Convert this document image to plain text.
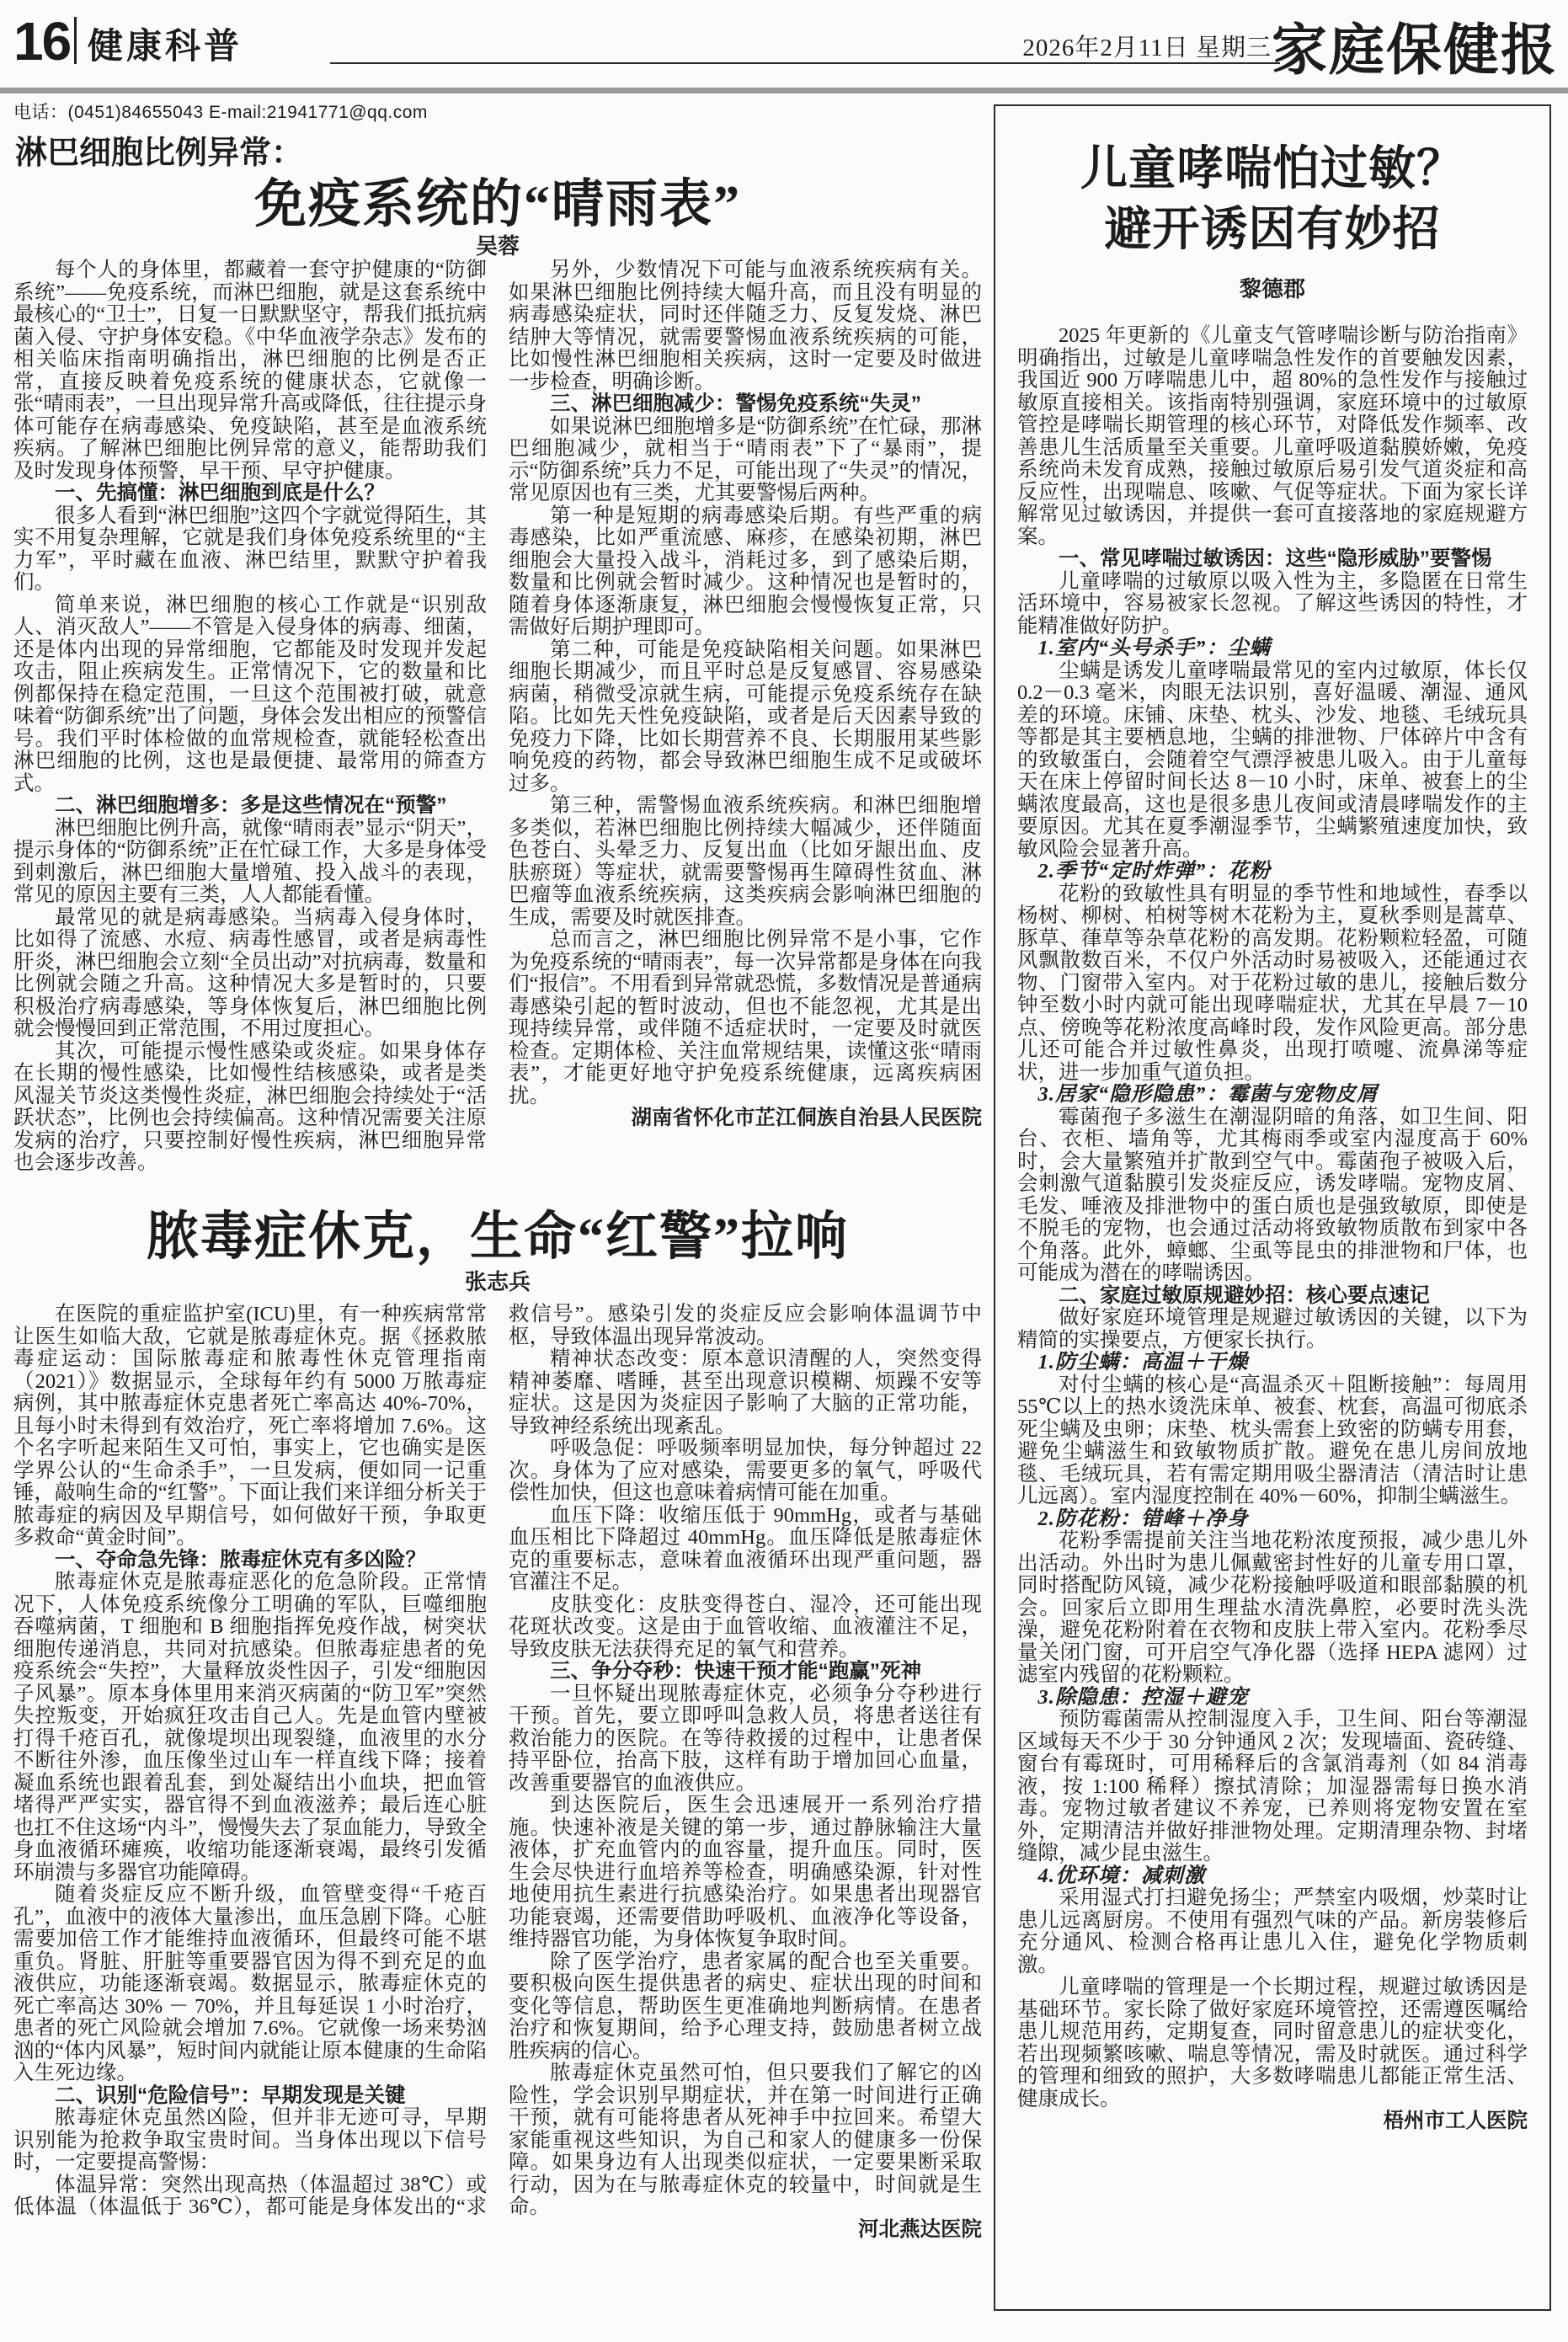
16 健康科普	2026年2月11日 星期三 家庭保健报
电话：(0451)84655043 E-mail:21941771@qq.com
淋巴细胞比例异常：
免疫系统的“晴雨表”
吴蓉

每个人的身体里，都藏着一套守护健康的“防御系统”——免疫系统，而淋巴细胞，就是这套系统中最核心的“卫士”，日复一日默默坚守，帮我们抵抗病菌入侵、守护身体安稳。《中华血液学杂志》发布的相关临床指南明确指出，淋巴细胞的比例是否正常，直接反映着免疫系统的健康状态，它就像一张“晴雨表”，一旦出现异常升高或降低，往往提示身体可能存在病毒感染、免疫缺陷，甚至是血液系统疾病。了解淋巴细胞比例异常的意义，能帮助我们及时发现身体预警，早干预、早守护健康。

一、先搞懂：淋巴细胞到底是什么？

很多人看到“淋巴细胞”这四个字就觉得陌生，其实不用复杂理解，它就是我们身体免疫系统里的“主力军”，平时藏在血液、淋巴结里，默默守护着我们。

简单来说，淋巴细胞的核心工作就是“识别敌人、消灭敌人”——不管是入侵身体的病毒、细菌，还是体内出现的异常细胞，它都能及时发现并发起攻击，阻止疾病发生。正常情况下，它的数量和比例都保持在稳定范围，一旦这个范围被打破，就意味着“防御系统”出了问题，身体会发出相应的预警信号。我们平时体检做的血常规检查，就能轻松查出淋巴细胞的比例，这也是最便捷、最常用的筛查方式。

二、淋巴细胞增多：多是这些情况在“预警”

淋巴细胞比例升高，就像“晴雨表”显示“阴天”，提示身体的“防御系统”正在忙碌工作，大多是身体受到刺激后，淋巴细胞大量增殖、投入战斗的表现，常见的原因主要有三类，人人都能看懂。

最常见的就是病毒感染。当病毒入侵身体时，比如得了流感、水痘、病毒性感冒，或者是病毒性肝炎，淋巴细胞会立刻“全员出动”对抗病毒，数量和比例就会随之升高。这种情况大多是暂时的，只要积极治疗病毒感染，等身体恢复后，淋巴细胞比例就会慢慢回到正常范围，不用过度担心。

其次，可能提示慢性感染或炎症。如果身体存在长期的慢性感染，比如慢性结核感染，或者是类风湿关节炎这类慢性炎症，淋巴细胞会持续处于“活跃状态”，比例也会持续偏高。这种情况需要关注原发病的治疗，只要控制好慢性疾病，淋巴细胞异常也会逐步改善。

另外，少数情况下可能与血液系统疾病有关。如果淋巴细胞比例持续大幅升高，而且没有明显的病毒感染症状，同时还伴随乏力、反复发烧、淋巴结肿大等情况，就需要警惕血液系统疾病的可能，比如慢性淋巴细胞相关疾病，这时一定要及时做进一步检查，明确诊断。

三、淋巴细胞减少：警惕免疫系统“失灵”

如果说淋巴细胞增多是“防御系统”在忙碌，那淋巴细胞减少，就相当于“晴雨表”下了“暴雨”，提示“防御系统”兵力不足，可能出现了“失灵”的情况，常见原因也有三类，尤其要警惕后两种。

第一种是短期的病毒感染后期。有些严重的病毒感染，比如严重流感、麻疹，在感染初期，淋巴细胞会大量投入战斗，消耗过多，到了感染后期，数量和比例就会暂时减少。这种情况也是暂时的，随着身体逐渐康复，淋巴细胞会慢慢恢复正常，只需做好后期护理即可。

第二种，可能是免疫缺陷相关问题。如果淋巴细胞长期减少，而且平时总是反复感冒、容易感染病菌，稍微受凉就生病，可能提示免疫系统存在缺陷。比如先天性免疫缺陷，或者是后天因素导致的免疫力下降，比如长期营养不良、长期服用某些影响免疫的药物，都会导致淋巴细胞生成不足或破坏过多。

第三种，需警惕血液系统疾病。和淋巴细胞增多类似，若淋巴细胞比例持续大幅减少，还伴随面色苍白、头晕乏力、反复出血（比如牙龈出血、皮肤瘀斑）等症状，就需要警惕再生障碍性贫血、淋巴瘤等血液系统疾病，这类疾病会影响淋巴细胞的生成，需要及时就医排查。

总而言之，淋巴细胞比例异常不是小事，它作为免疫系统的“晴雨表”，每一次异常都是身体在向我们“报信”。不用看到异常就恐慌，多数情况是普通病毒感染引起的暂时波动，但也不能忽视，尤其是出现持续异常，或伴随不适症状时，一定要及时就医检查。定期体检、关注血常规结果，读懂这张“晴雨表”，才能更好地守护免疫系统健康，远离疾病困扰。

湖南省怀化市芷江侗族自治县人民医院

脓毒症休克，生命“红警”拉响
张志兵

在医院的重症监护室(ICU)里，有一种疾病常常让医生如临大敌，它就是脓毒症休克。据《拯救脓毒症运动：国际脓毒症和脓毒性休克管理指南（2021）》数据显示，全球每年约有 5000 万脓毒症病例，其中脓毒症休克患者死亡率高达 40%-70%，且每小时未得到有效治疗，死亡率将增加 7.6%。这个名字听起来陌生又可怕，事实上，它也确实是医学界公认的“生命杀手”，一旦发病，便如同一记重锤，敲响生命的“红警”。下面让我们来详细分析关于脓毒症的病因及早期信号，如何做好干预，争取更多救命“黄金时间”。

一、夺命急先锋：脓毒症休克有多凶险？

脓毒症休克是脓毒症恶化的危急阶段。正常情况下，人体免疫系统像分工明确的军队，巨噬细胞吞噬病菌，T 细胞和 B 细胞指挥免疫作战，树突状细胞传递消息，共同对抗感染。但脓毒症患者的免疫系统会“失控”，大量释放炎性因子，引发“细胞因子风暴”。原本身体里用来消灭病菌的“防卫军”突然失控叛变，开始疯狂攻击自己人。先是血管内壁被打得千疮百孔，就像堤坝出现裂缝，血液里的水分不断往外渗，血压像坐过山车一样直线下降；接着凝血系统也跟着乱套，到处凝结出小血块，把血管堵得严严实实，器官得不到血液滋养；最后连心脏也扛不住这场“内斗”，慢慢失去了泵血能力，导致全身血液循环瘫痪，收缩功能逐渐衰竭，最终引发循环崩溃与多器官功能障碍。

随着炎症反应不断升级，血管壁变得“千疮百孔”，血液中的液体大量渗出，血压急剧下降。心脏需要加倍工作才能维持血液循环，但最终可能不堪重负。肾脏、肝脏等重要器官因为得不到充足的血液供应，功能逐渐衰竭。数据显示，脓毒症休克的死亡率高达 30% － 70%，并且每延误 1 小时治疗，患者的死亡风险就会增加 7.6%。它就像一场来势汹汹的“体内风暴”，短时间内就能让原本健康的生命陷入生死边缘。

二、识别“危险信号”：早期发现是关键

脓毒症休克虽然凶险，但并非无迹可寻，早期识别能为抢救争取宝贵时间。当身体出现以下信号时，一定要提高警惕：

体温异常：突然出现高热（体温超过 38℃）或低体温（体温低于 36℃），都可能是身体发出的“求救信号”。感染引发的炎症反应会影响体温调节中枢，导致体温出现异常波动。

精神状态改变：原本意识清醒的人，突然变得精神萎靡、嗜睡，甚至出现意识模糊、烦躁不安等症状。这是因为炎症因子影响了大脑的正常功能，导致神经系统出现紊乱。

呼吸急促：呼吸频率明显加快，每分钟超过 22 次。身体为了应对感染，需要更多的氧气，呼吸代偿性加快，但这也意味着病情可能在加重。

血压下降：收缩压低于 90mmHg，或者与基础血压相比下降超过 40mmHg。血压降低是脓毒症休克的重要标志，意味着血液循环出现严重问题，器官灌注不足。

皮肤变化：皮肤变得苍白、湿冷，还可能出现花斑状改变。这是由于血管收缩、血液灌注不足，导致皮肤无法获得充足的氧气和营养。

三、争分夺秒：快速干预才能“跑赢”死神

一旦怀疑出现脓毒症休克，必须争分夺秒进行干预。首先，要立即呼叫急救人员，将患者送往有救治能力的医院。在等待救援的过程中，让患者保持平卧位，抬高下肢，这样有助于增加回心血量，改善重要器官的血液供应。

到达医院后，医生会迅速展开一系列治疗措施。快速补液是关键的第一步，通过静脉输注大量液体，扩充血管内的血容量，提升血压。同时，医生会尽快进行血培养等检查，明确感染源，针对性地使用抗生素进行抗感染治疗。如果患者出现器官功能衰竭，还需要借助呼吸机、血液净化等设备，维持器官功能，为身体恢复争取时间。

除了医学治疗，患者家属的配合也至关重要。要积极向医生提供患者的病史、症状出现的时间和变化等信息，帮助医生更准确地判断病情。在患者治疗和恢复期间，给予心理支持，鼓励患者树立战胜疾病的信心。

脓毒症休克虽然可怕，但只要我们了解它的凶险性，学会识别早期症状，并在第一时间进行正确干预，就有可能将患者从死神手中拉回来。希望大家能重视这些知识，为自己和家人的健康多一份保障。如果身边有人出现类似症状，一定要果断采取行动，因为在与脓毒症休克的较量中，时间就是生命。

河北燕达医院

儿童哮喘怕过敏？
避开诱因有妙招
黎德郡

2025 年更新的《儿童支气管哮喘诊断与防治指南》明确指出，过敏是儿童哮喘急性发作的首要触发因素，我国近 900 万哮喘患儿中，超 80%的急性发作与接触过敏原直接相关。该指南特别强调，家庭环境中的过敏原管控是哮喘长期管理的核心环节，对降低发作频率、改善患儿生活质量至关重要。儿童呼吸道黏膜娇嫩，免疫系统尚未发育成熟，接触过敏原后易引发气道炎症和高反应性，出现喘息、咳嗽、气促等症状。下面为家长详解常见过敏诱因，并提供一套可直接落地的家庭规避方案。

一、常见哮喘过敏诱因：这些“隐形威胁”要警惕

儿童哮喘的过敏原以吸入性为主，多隐匿在日常生活环境中，容易被家长忽视。了解这些诱因的特性，才能精准做好防护。

1.室内“头号杀手”：尘螨

尘螨是诱发儿童哮喘最常见的室内过敏原，体长仅 0.2－0.3 毫米，肉眼无法识别，喜好温暖、潮湿、通风差的环境。床铺、床垫、枕头、沙发、地毯、毛绒玩具等都是其主要栖息地，尘螨的排泄物、尸体碎片中含有的致敏蛋白，会随着空气漂浮被患儿吸入。由于儿童每天在床上停留时间长达 8－10 小时，床单、被套上的尘螨浓度最高，这也是很多患儿夜间或清晨哮喘发作的主要原因。尤其在夏季潮湿季节，尘螨繁殖速度加快，致敏风险会显著升高。

2.季节“定时炸弹”：花粉

花粉的致敏性具有明显的季节性和地域性，春季以杨树、柳树、柏树等树木花粉为主，夏秋季则是蒿草、豚草、葎草等杂草花粉的高发期。花粉颗粒轻盈，可随风飘散数百米，不仅户外活动时易被吸入，还能通过衣物、门窗带入室内。对于花粉过敏的患儿，接触后数分钟至数小时内就可能出现哮喘症状，尤其在早晨 7－10 点、傍晚等花粉浓度高峰时段，发作风险更高。部分患儿还可能合并过敏性鼻炎，出现打喷嚏、流鼻涕等症状，进一步加重气道负担。

3.居家“隐形隐患”：霉菌与宠物皮屑

霉菌孢子多滋生在潮湿阴暗的角落，如卫生间、阳台、衣柜、墙角等，尤其梅雨季或室内湿度高于 60%时，会大量繁殖并扩散到空气中。霉菌孢子被吸入后，会刺激气道黏膜引发炎症反应，诱发哮喘。宠物皮屑、毛发、唾液及排泄物中的蛋白质也是强致敏原，即使是不脱毛的宠物，也会通过活动将致敏物质散布到家中各个角落。此外，蟑螂、尘虱等昆虫的排泄物和尸体，也可能成为潜在的哮喘诱因。

二、家庭过敏原规避妙招：核心要点速记

做好家庭环境管理是规避过敏诱因的关键，以下为精简的实操要点，方便家长执行。

1.防尘螨：高温＋干燥

对付尘螨的核心是“高温杀灭＋阻断接触”：每周用 55℃以上的热水烫洗床单、被套、枕套，高温可彻底杀死尘螨及虫卵；床垫、枕头需套上致密的防螨专用套，避免尘螨滋生和致敏物质扩散。避免在患儿房间放地毯、毛绒玩具，若有需定期用吸尘器清洁（清洁时让患儿远离）。室内湿度控制在 40%－60%，抑制尘螨滋生。

2.防花粉：错峰＋净身

花粉季需提前关注当地花粉浓度预报，减少患儿外出活动。外出时为患儿佩戴密封性好的儿童专用口罩，同时搭配防风镜，减少花粉接触呼吸道和眼部黏膜的机会。回家后立即用生理盐水清洗鼻腔，必要时洗头洗澡，避免花粉附着在衣物和皮肤上带入室内。花粉季尽量关闭门窗，可开启空气净化器（选择 HEPA 滤网）过滤室内残留的花粉颗粒。

3.除隐患：控湿＋避宠

预防霉菌需从控制湿度入手，卫生间、阳台等潮湿区域每天不少于 30 分钟通风 2 次；发现墙面、瓷砖缝、窗台有霉斑时，可用稀释后的含氯消毒剂（如 84 消毒液，按 1:100 稀释）擦拭清除；加湿器需每日换水消毒。宠物过敏者建议不养宠，已养则将宠物安置在室外，定期清洁并做好排泄物处理。定期清理杂物、封堵缝隙，减少昆虫滋生。

4.优环境：减刺激

采用湿式打扫避免扬尘；严禁室内吸烟，炒菜时让患儿远离厨房。不使用有强烈气味的产品。新房装修后充分通风、检测合格再让患儿入住，避免化学物质刺激。

儿童哮喘的管理是一个长期过程，规避过敏诱因是基础环节。家长除了做好家庭环境管控，还需遵医嘱给患儿规范用药，定期复查，同时留意患儿的症状变化，若出现频繁咳嗽、喘息等情况，需及时就医。通过科学的管理和细致的照护，大多数哮喘患儿都能正常生活、健康成长。

梧州市工人医院
